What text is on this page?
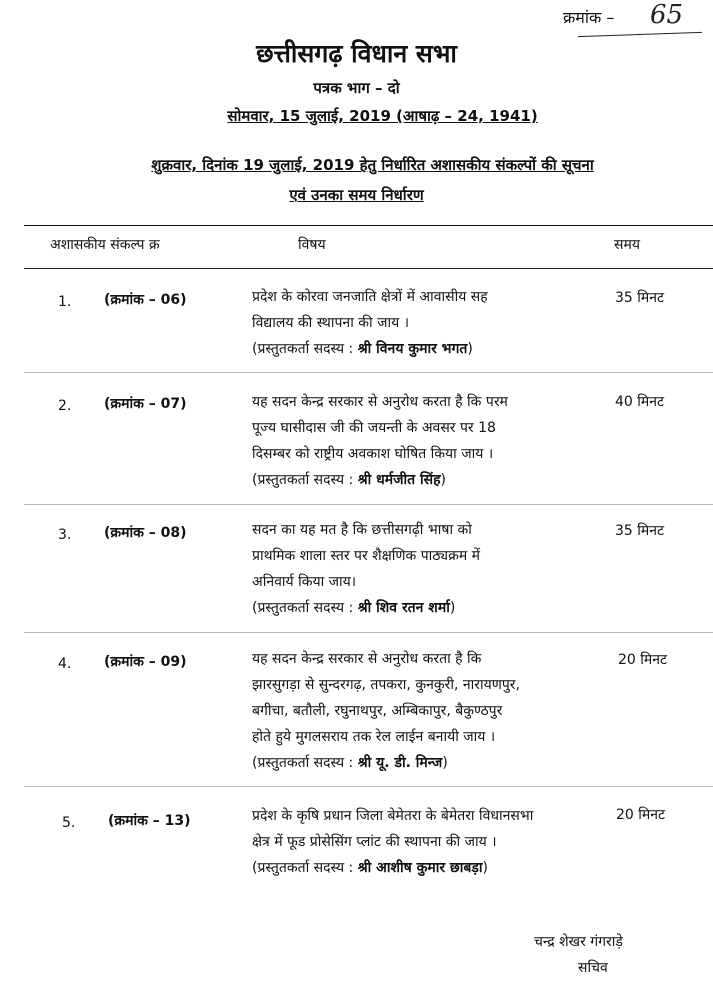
क्रमांक – 65
छत्तीसगढ़ विधान सभा
पत्रक भाग – दो
सोमवार, 15 जुलाई, 2019 (आषाढ़ – 24, 1941)
शुक्रवार, दिनांक 19 जुलाई, 2019 हेतु निर्धारित अशासकीय संकल्पों की सूचना
एवं उनका समय निर्धारण
अशासकीय संकल्प क्र	विषय	समय
1. (क्रमांक – 06)	प्रदेश के कोरवा जनजाति क्षेत्रों में आवासीय सह
विद्यालय की स्थापना की जाय ।
(प्रस्तुतकर्ता सदस्य : श्री विनय कुमार भगत)
35 मिनट
2. (क्रमांक – 07)	यह सदन केन्द्र सरकार से अनुरोध करता है कि परम
पूज्य घासीदास जी की जयन्ती के अवसर पर 18
दिसम्बर को राष्ट्रीय अवकाश घोषित किया जाय ।
(प्रस्तुतकर्ता सदस्य : श्री धर्मजीत सिंह)
40 मिनट
3. (क्रमांक – 08)	सदन का यह मत है कि छत्तीसगढ़ी भाषा को
प्राथमिक शाला स्तर पर शैक्षणिक पाठ्यक्रम में
अनिवार्य किया जाय।
(प्रस्तुतकर्ता सदस्य : श्री शिव रतन शर्मा)
35 मिनट
4. (क्रमांक – 09)	यह सदन केन्द्र सरकार से अनुरोध करता है कि
झारसुगड़ा से सुन्दरगढ़, तपकरा, कुनकुरी, नारायणपुर,
बगीचा, बतौली, रघुनाथपुर, अम्बिकापुर, बैकुण्ठपुर
होते हुये मुगलसराय तक रेल लाईन बनायी जाय ।
(प्रस्तुतकर्ता सदस्य : श्री यू. डी. मिन्ज)
20 मिनट
5. (क्रमांक – 13)	प्रदेश के कृषि प्रधान जिला बेमेतरा के बेमेतरा विधानसभा
क्षेत्र में फूड प्रोसेसिंग प्लांट की स्थापना की जाय ।
(प्रस्तुतकर्ता सदस्य : श्री आशीष कुमार छाबड़ा)
20 मिनट
चन्द्र शेखर गंगराड़े
सचिव
